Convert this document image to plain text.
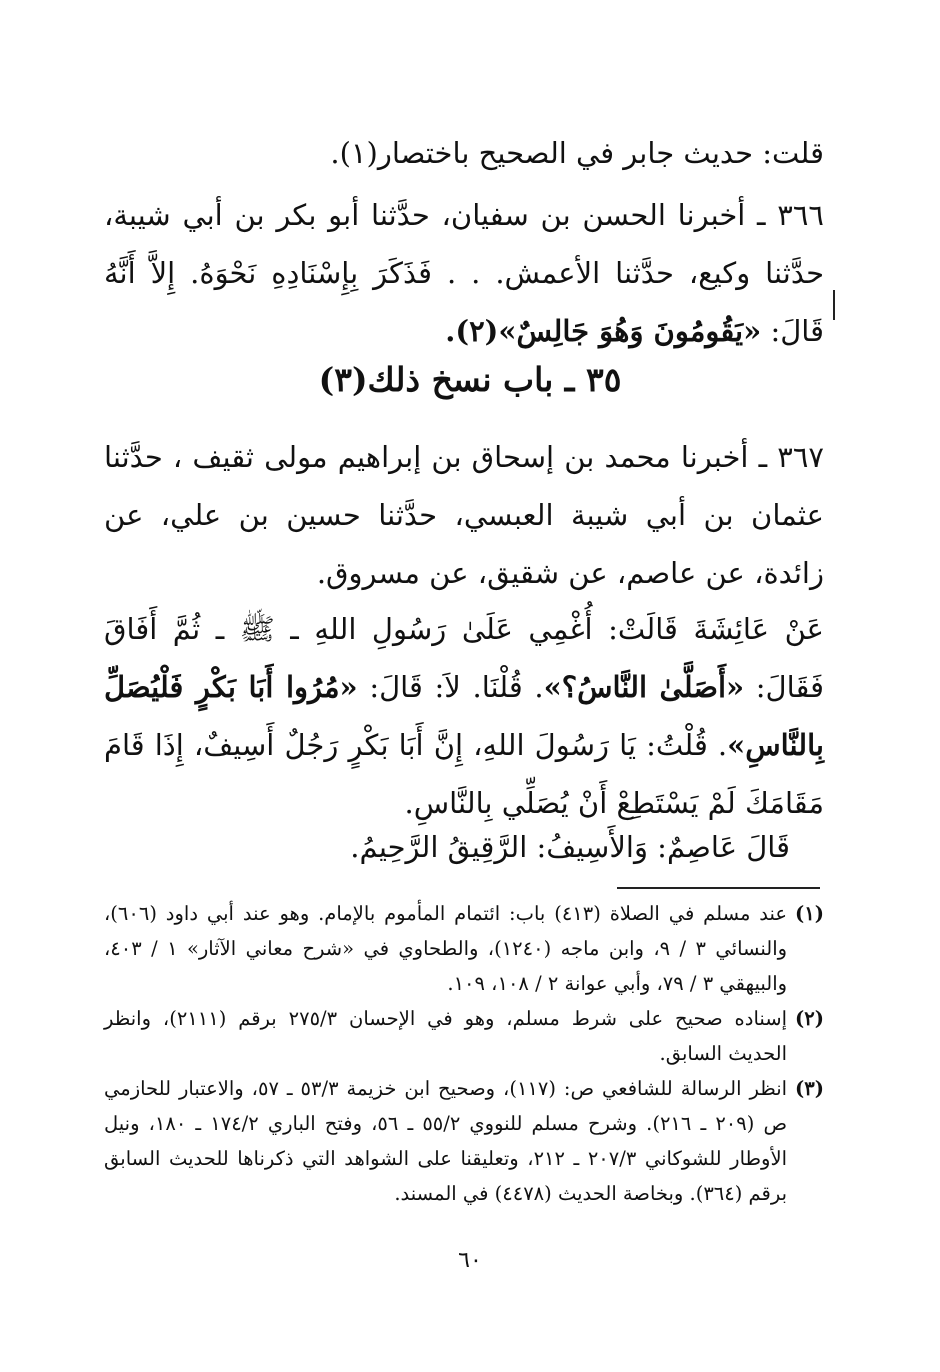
قلت: حديث جابر في الصحيح باختصار(١).
٣٦٦ ـ أخبرنا الحسن بن سفيان، حدَّثنا أبو بكر بن أبي شيبة، حدَّثنا وكيع، حدَّثنا الأعمش. . . فَذَكَرَ بِإِسْنَادِهِ نَحْوَهُ. إِلاَّ أَنَّهُ قَالَ: «يَقُومُونَ وَهُوَ جَالِسٌ»(٢).
٣٥ ـ باب نسخ ذلك(٣)
٣٦٧ ـ أخبرنا محمد بن إسحاق بن إبراهيم مولى ثقيف ، حدَّثنا عثمان بن أبي شيبة العبسي، حدَّثنا حسين بن علي، عن زائدة، عن عاصم، عن شقيق، عن مسروق.
عَنْ عَائِشَةَ قَالَتْ: أُغْمِي عَلَىٰ رَسُولِ اللهِ ـ ﷺ ـ ثُمَّ أَفَاقَ فَقَالَ: «أَصَلَّىٰ النَّاسُ؟». قُلْنَا. لاَ: قَالَ: «مُرُوا أَبَا بَكْرٍ فَلْيُصَلِّ بِالنَّاسِ». قُلْتُ: يَا رَسُولَ اللهِ، إِنَّ أَبَا بَكْرٍ رَجُلٌ أَسِيفٌ، إِذَا قَامَ مَقَامَكَ لَمْ يَسْتَطِعْ أَنْ يُصَلِّي بِالنَّاسِ.
قَالَ عَاصِمٌ: وَالأَسِيفُ: الرَّقِيقُ الرَّحِيمُ.
(١)
عند مسلم في الصلاة (٤١٣) باب: ائتمام المأموم بالإمام. وهو عند أبي داود (٦٠٦)، والنسائي ٣ / ٩، وابن ماجه (١٢٤٠)، والطحاوي في «شرح معاني الآثار» ١ / ٤٠٣، والبيهقي ٣ / ٧٩، وأبي عوانة ٢ / ١٠٨، ١٠٩.
(٢)
إسناده صحيح على شرط مسلم، وهو في الإحسان ٢٧٥/٣ برقم (٢١١١)، وانظر الحديث السابق.
(٣)
انظر الرسالة للشافعي ص: (١١٧)، وصحيح ابن خزيمة ٥٣/٣ ـ ٥٧، والاعتبار للحازمي ص (٢٠٩ ـ ٢١٦). وشرح مسلم للنووي ٥٥/٢ ـ ٥٦، وفتح الباري ١٧٤/٢ ـ ١٨٠، ونيل الأوطار للشوكاني ٢٠٧/٣ ـ ٢١٢، وتعليقنا على الشواهد التي ذكرناها للحديث السابق برقم (٣٦٤). وبخاصة الحديث (٤٤٧٨) في المسند.
٦٠
